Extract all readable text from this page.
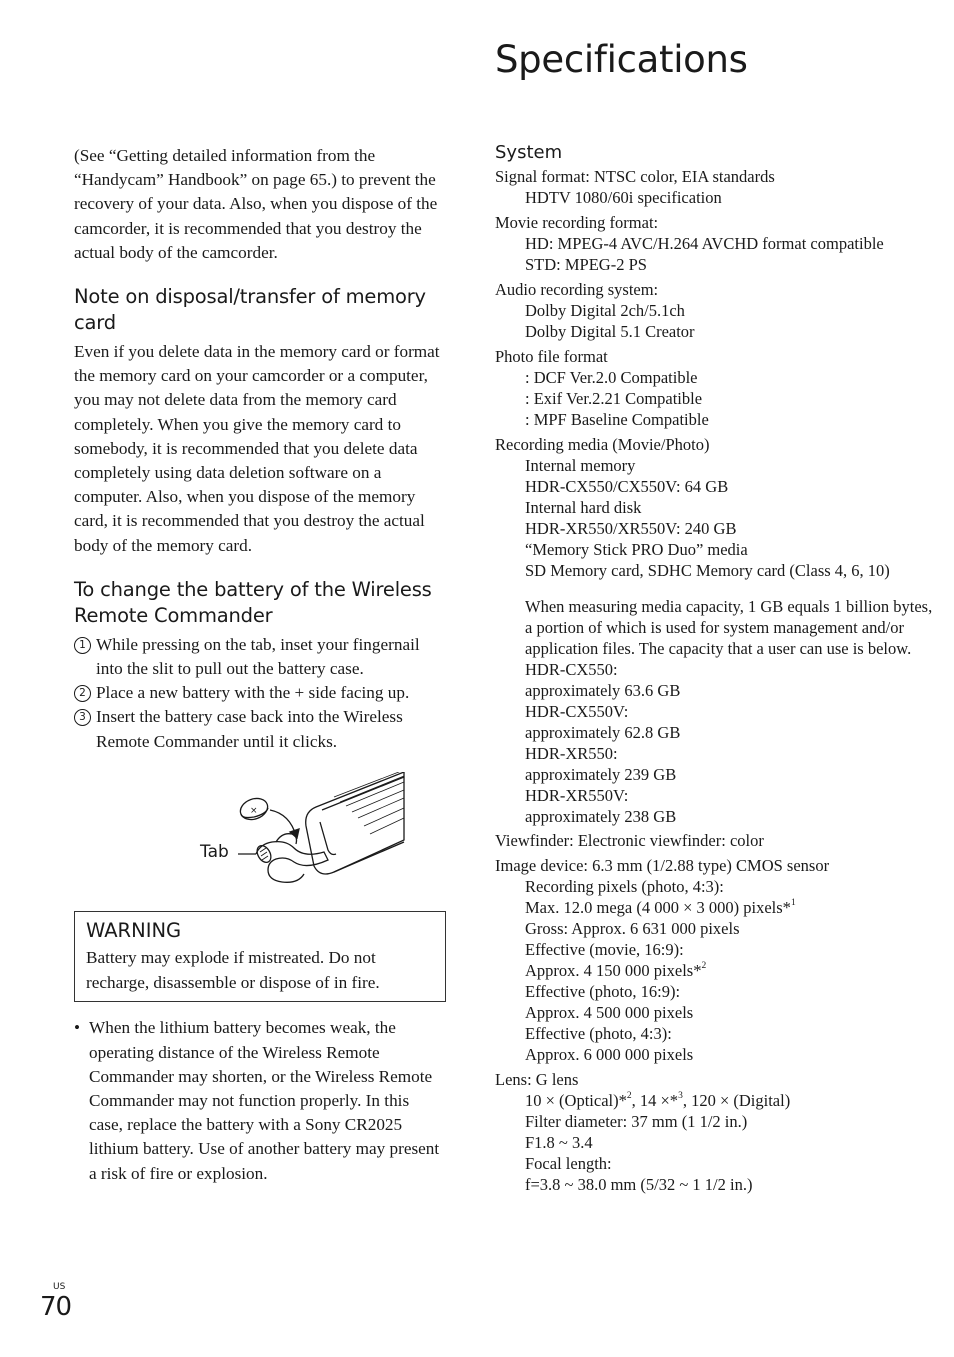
Specifications

(See “Getting detailed information from the “Handycam” Handbook” on page 65.) to prevent the recovery of your data. Also, when you dispose of the camcorder, it is recommended that you destroy the actual body of the camcorder.

Note on disposal/transfer of memory card

Even if you delete data in the memory card or format the memory card on your camcorder or a computer, you may not delete data from the memory card completely. When you give the memory card to somebody, it is recommended that you delete data completely using data deletion software on a computer. Also, when you dispose of the memory card, it is recommended that you destroy the actual body of the memory card.

To change the battery of the Wireless Remote Commander
1 While pressing on the tab, inset your fingernail into the slit to pull out the battery case.
2 Place a new battery with the + side facing up.
3 Insert the battery case back into the Wireless Remote Commander until it clicks.
Tab
×
WARNING

Battery may explode if mistreated. Do not recharge, disassemble or dispose of in fire.

• When the lithium battery becomes weak, the operating distance of the Wireless Remote Commander may shorten, or the Wireless Remote Commander may not function properly. In this case, replace the battery with a Sony CR2025 lithium battery. Use of another battery may present a risk of fire or explosion.
System
Signal format: NTSC color, EIA standards
HDTV 1080/60i specification
Movie recording format:
HD: MPEG-4 AVC/H.264 AVCHD format compatible
STD: MPEG-2 PS
Audio recording system:
Dolby Digital 2ch/5.1ch
Dolby Digital 5.1 Creator
Photo file format
: DCF Ver.2.0 Compatible
: Exif Ver.2.21 Compatible
: MPF Baseline Compatible
Recording media (Movie/Photo)
Internal memory
HDR-CX550/CX550V: 64 GB
Internal hard disk
HDR-XR550/XR550V: 240 GB
“Memory Stick PRO Duo” media
SD Memory card, SDHC Memory card (Class 4, 6, 10)
When measuring media capacity, 1 GB equals 1 billion bytes, a portion of which is used for system management and/or application files. The capacity that a user can use is below.
HDR-CX550:
approximately 63.6 GB
HDR-CX550V:
approximately 62.8 GB
HDR-XR550:
approximately 239 GB
HDR-XR550V:
approximately 238 GB
Viewfinder: Electronic viewfinder: color
Image device: 6.3 mm (1/2.88 type) CMOS sensor
Recording pixels (photo, 4:3):
Max. 12.0 mega (4 000 × 3 000) pixels*$^1$
Gross: Approx. 6 631 000 pixels
Effective (movie, 16:9):
Approx. 4 150 000 pixels*$^2$
Effective (photo, 16:9):
Approx. 4 500 000 pixels
Effective (photo, 4:3):
Approx. 6 000 000 pixels
Lens: G lens
10 × (Optical)*$^2$, 14 ×*$^3$, 120 × (Digital)
Filter diameter: 37 mm (1 1/2 in.)
F1.8 ~ 3.4
Focal length:
f=3.8 ~ 38.0 mm (5/32 ~ 1 1/2 in.)
US
70
